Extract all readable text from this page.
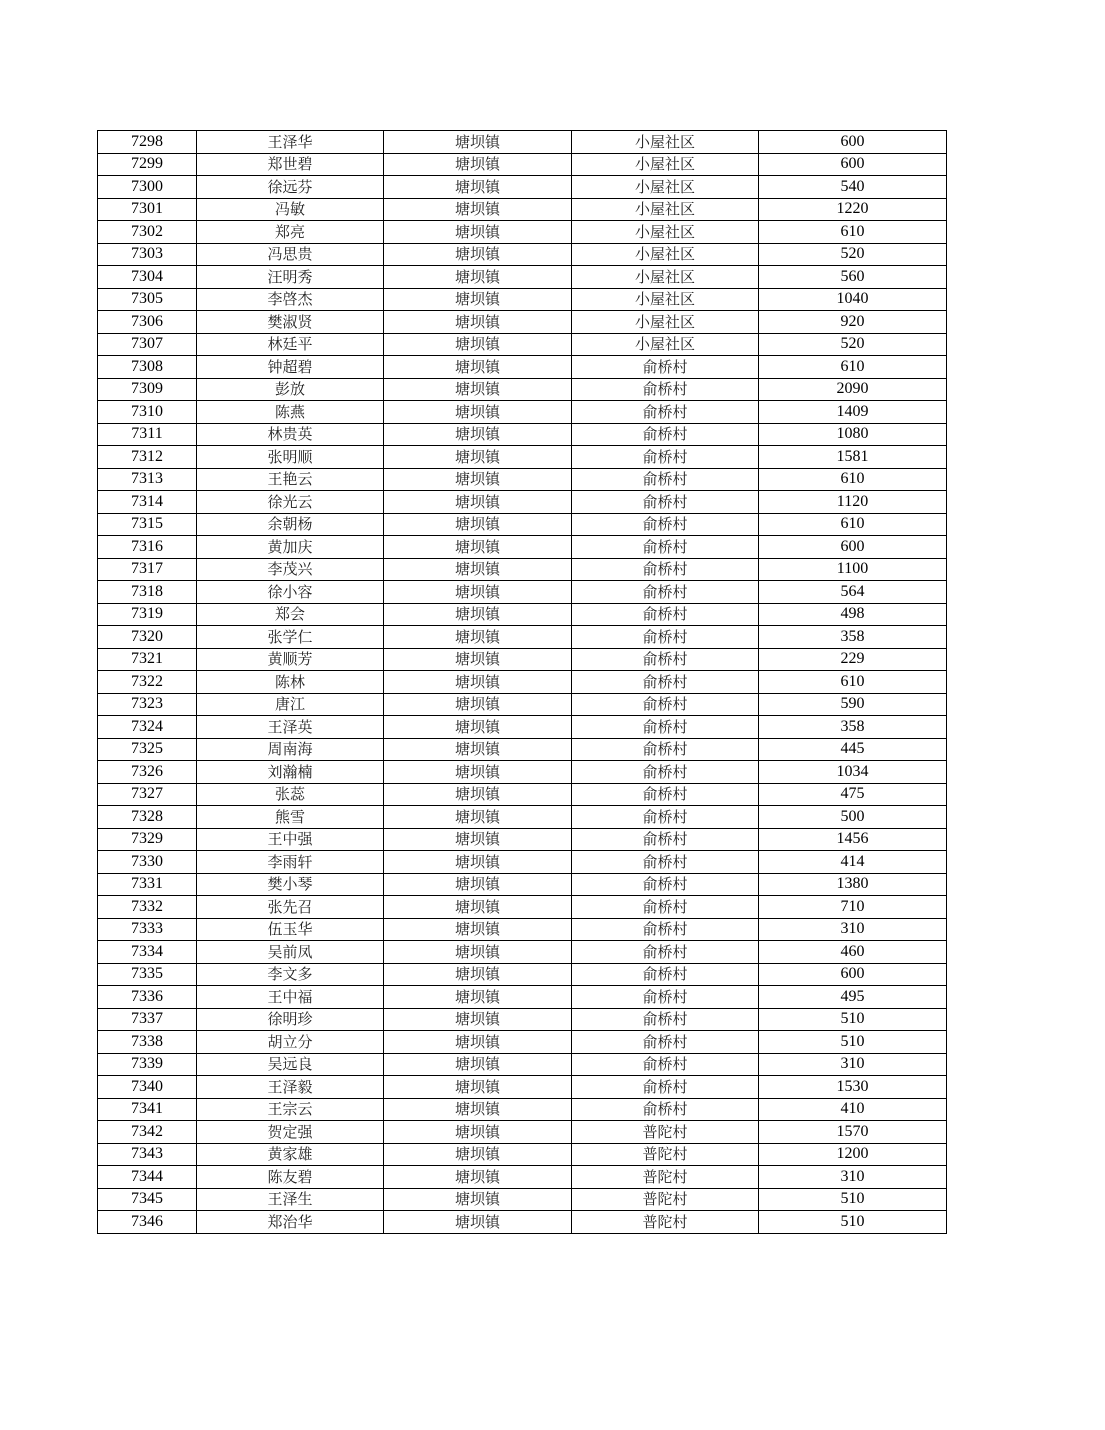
7298	王泽华	塘坝镇	小屋社区	600
7299	郑世碧	塘坝镇	小屋社区	600
7300	徐远芬	塘坝镇	小屋社区	540
7301	冯敏	塘坝镇	小屋社区	1220
7302	郑亮	塘坝镇	小屋社区	610
7303	冯思贵	塘坝镇	小屋社区	520
7304	汪明秀	塘坝镇	小屋社区	560
7305	李啓杰	塘坝镇	小屋社区	1040
7306	樊淑贤	塘坝镇	小屋社区	920
7307	林廷平	塘坝镇	小屋社区	520
7308	钟超碧	塘坝镇	俞桥村	610
7309	彭放	塘坝镇	俞桥村	2090
7310	陈燕	塘坝镇	俞桥村	1409
7311	林贵英	塘坝镇	俞桥村	1080
7312	张明顺	塘坝镇	俞桥村	1581
7313	王艳云	塘坝镇	俞桥村	610
7314	徐光云	塘坝镇	俞桥村	1120
7315	余朝杨	塘坝镇	俞桥村	610
7316	黄加庆	塘坝镇	俞桥村	600
7317	李茂兴	塘坝镇	俞桥村	1100
7318	徐小容	塘坝镇	俞桥村	564
7319	郑会	塘坝镇	俞桥村	498
7320	张学仁	塘坝镇	俞桥村	358
7321	黄顺芳	塘坝镇	俞桥村	229
7322	陈林	塘坝镇	俞桥村	610
7323	唐江	塘坝镇	俞桥村	590
7324	王泽英	塘坝镇	俞桥村	358
7325	周南海	塘坝镇	俞桥村	445
7326	刘瀚楠	塘坝镇	俞桥村	1034
7327	张蕊	塘坝镇	俞桥村	475
7328	熊雪	塘坝镇	俞桥村	500
7329	王中强	塘坝镇	俞桥村	1456
7330	李雨轩	塘坝镇	俞桥村	414
7331	樊小琴	塘坝镇	俞桥村	1380
7332	张先召	塘坝镇	俞桥村	710
7333	伍玉华	塘坝镇	俞桥村	310
7334	吴前凤	塘坝镇	俞桥村	460
7335	李文多	塘坝镇	俞桥村	600
7336	王中福	塘坝镇	俞桥村	495
7337	徐明珍	塘坝镇	俞桥村	510
7338	胡立分	塘坝镇	俞桥村	510
7339	吴远良	塘坝镇	俞桥村	310
7340	王泽毅	塘坝镇	俞桥村	1530
7341	王宗云	塘坝镇	俞桥村	410
7342	贺定强	塘坝镇	普陀村	1570
7343	黄家雄	塘坝镇	普陀村	1200
7344	陈友碧	塘坝镇	普陀村	310
7345	王泽生	塘坝镇	普陀村	510
7346	郑治华	塘坝镇	普陀村	510
